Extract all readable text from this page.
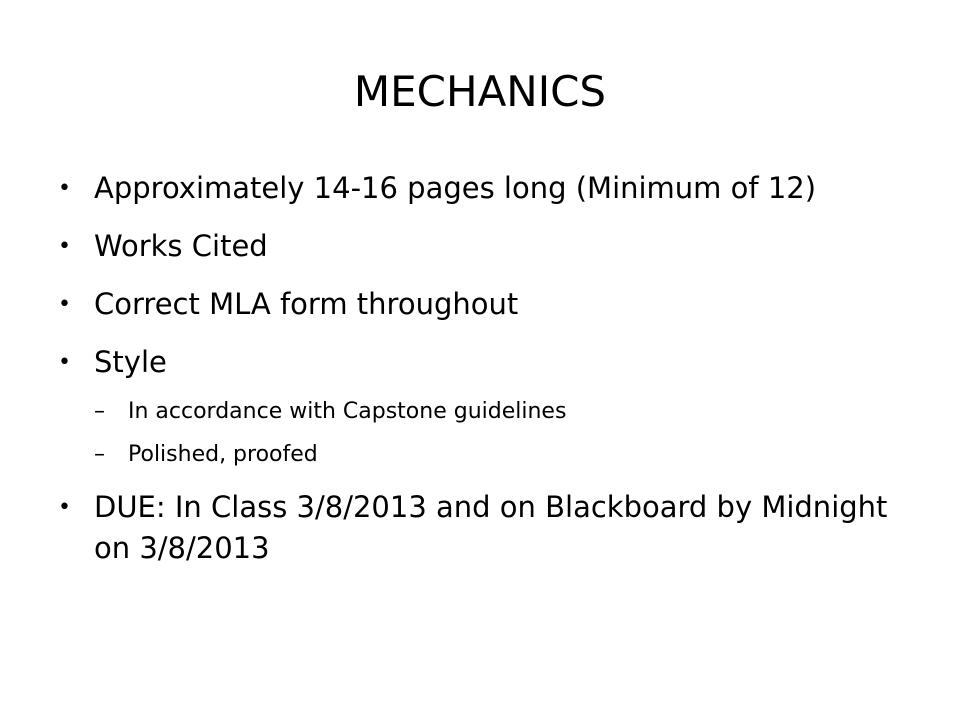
MECHANICS
• Approximately 14-16 pages long (Minimum of 12)
• Works Cited
• Correct MLA form throughout
• Style
– In accordance with Capstone guidelines
– Polished, proofed
• DUE: In Class 3/8/2013 and on Blackboard by Midnight on 3/8/2013
